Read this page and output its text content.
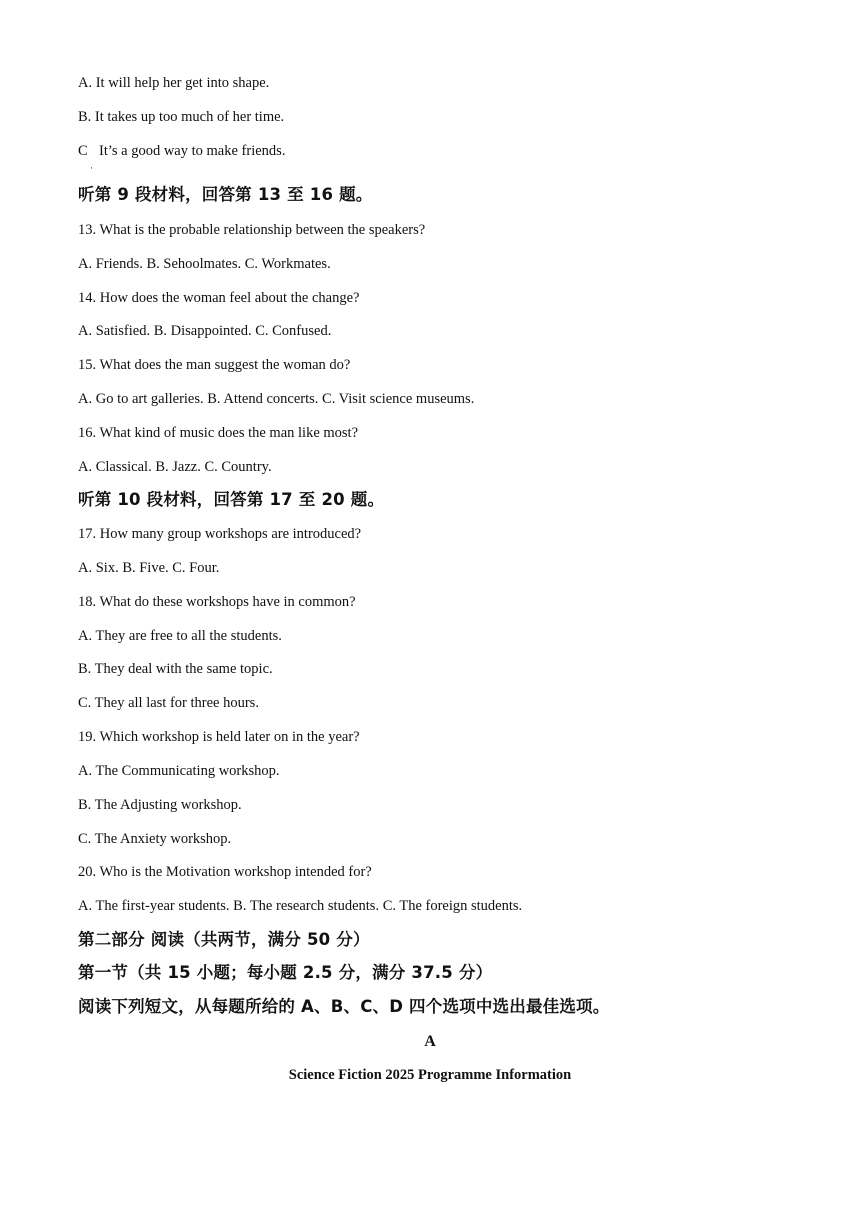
A. It will help her get into shape.
B. It takes up too much of her time.
C
·
It’s a good way to make friends.
听第 9 段材料，回答第 13 至 16 题。
13. What is the probable relationship between the speakers?
A. Friends. B. Sehoolmates. C. Workmates.
14. How does the woman feel about the change?
A. Satisfied. B. Disappointed. C. Confused.
15. What does the man suggest the woman do?
A. Go to art galleries. B. Attend concerts. C. Visit science museums.
16. What kind of music does the man like most?
A. Classical. B. Jazz. C. Country.
听第 10 段材料，回答第 17 至 20 题。
17. How many group workshops are introduced?
A. Six. B. Five. C. Four.
18. What do these workshops have in common?
A. They are free to all the students.
B. They deal with the same topic.
C. They all last for three hours.
19. Which workshop is held later on in the year?
A. The Communicating workshop.
B. The Adjusting workshop.
C. The Anxiety workshop.
20. Who is the Motivation workshop intended for?
A. The first-year students. B. The research students. C. The foreign students.
第二部分 阅读（共两节，满分 50 分）
第一节（共 15 小题；每小题 2.5 分，满分 37.5 分）
阅读下列短文，从每题所给的 A、B、C、D 四个选项中选出最佳选项。
A
Science Fiction 2025 Programme Information
